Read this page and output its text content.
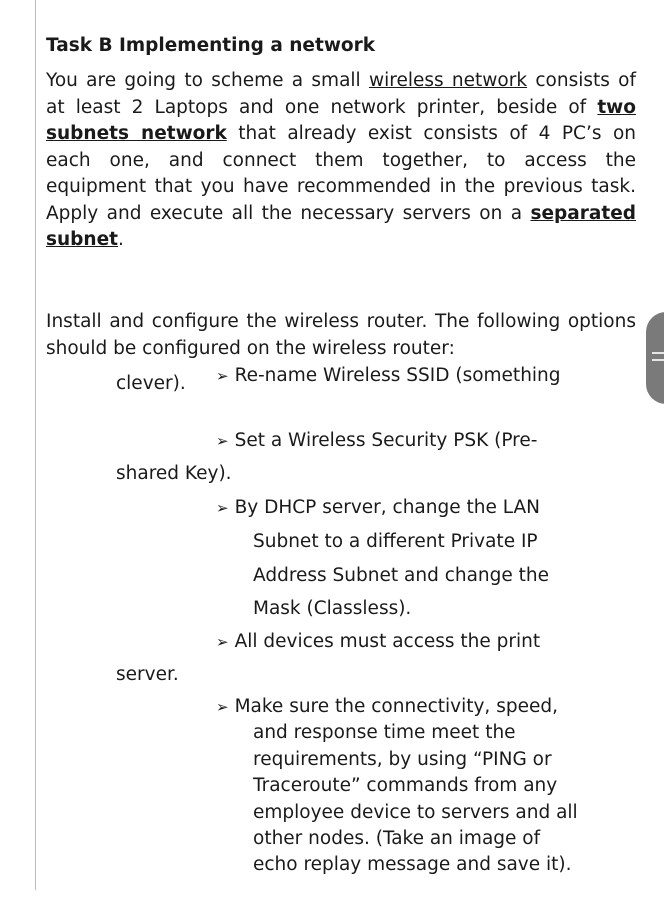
Task B Implementing a network
You are going to scheme a small wireless network consists of at least 2 Laptops and one network printer, beside of two subnets network that already exist consists of 4 PC’s on each one, and connect them together, to access the equipment that you have recommended in the previous task. Apply and execute all the necessary servers on a separated subnet.
Install and configure the wireless router. The following options should be configured on the wireless router:
➢ Re-name Wireless SSID (something
clever).
➢ Set a Wireless Security PSK (Pre-
shared Key).
➢ By DHCP server, change the LAN
Subnet to a different Private IP
Address Subnet and change the
Mask (Classless).
➢ All devices must access the print
server.
➢ Make sure the connectivity, speed,
and response time meet the
requirements, by using “PING or
Traceroute” commands from any
employee device to servers and all
other nodes. (Take an image of
echo replay message and save it).
